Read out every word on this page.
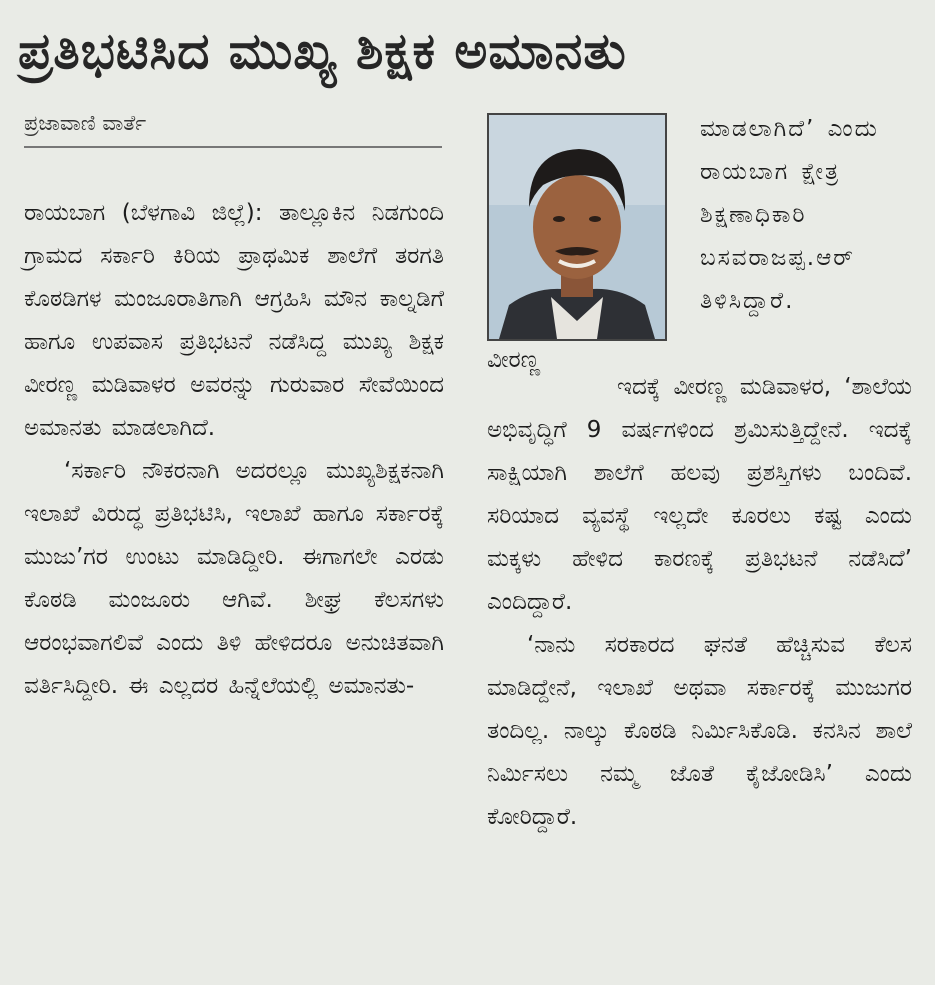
ಪ್ರತಿಭಟಿಸಿದ ಮುಖ್ಯ ಶಿಕ್ಷಕ ಅಮಾನತು
ಪ್ರಜಾವಾಣಿ ವಾರ್ತೆ

ರಾಯಬಾಗ (ಬೆಳಗಾವಿ ಜಿಲ್ಲೆ): ತಾಲ್ಲೂಕಿನ ನಿಡಗುಂದಿ ಗ್ರಾಮದ ಸರ್ಕಾರಿ ಕಿರಿಯ ಪ್ರಾಥಮಿಕ ಶಾಲೆಗೆ ತರಗತಿ ಕೊಠಡಿಗಳ ಮಂಜೂರಾತಿಗಾಗಿ ಆಗ್ರಹಿಸಿ ಮೌನ ಕಾಲ್ನಡಿಗೆ ಹಾಗೂ ಉಪವಾಸ ಪ್ರತಿಭಟನೆ ನಡೆಸಿದ್ದ ಮುಖ್ಯ ಶಿಕ್ಷಕ ವೀರಣ್ಣ ಮಡಿವಾಳರ ಅವರನ್ನು ಗುರುವಾರ ಸೇವೆಯಿಂದ ಅಮಾನತು ಮಾಡಲಾಗಿದೆ.

‘ಸರ್ಕಾರಿ ನೌಕರನಾಗಿ ಅದರಲ್ಲೂ ಮುಖ್ಯಶಿಕ್ಷಕನಾಗಿ ಇಲಾಖೆ ವಿರುದ್ಧ ಪ್ರತಿಭಟಿಸಿ, ಇಲಾಖೆ ಹಾಗೂ ಸರ್ಕಾರಕ್ಕೆ ಮುಜು’ಗರ ಉಂಟು ಮಾಡಿದ್ದೀರಿ. ಈಗಾಗಲೇ ಎರಡು ಕೊಠಡಿ ಮಂಜೂರು ಆಗಿವೆ. ಶೀಘ್ರ ಕೆಲಸಗಳು ಆರಂಭವಾಗಲಿವೆ ಎಂದು ತಿಳಿ ಹೇಳಿದರೂ ಅನುಚಿತವಾಗಿ ವರ್ತಿಸಿದ್ದೀರಿ. ಈ ಎಲ್ಲದರ ಹಿನ್ನೆಲೆಯಲ್ಲಿ ಅಮಾನತು-

ವೀರಣ್ಣ

ಮಾಡಲಾಗಿದೆ’ ಎಂದು ರಾಯಬಾಗ ಕ್ಷೇತ್ರ ಶಿಕ್ಷಣಾಧಿಕಾರಿ ಬಸವರಾಜಪ್ಪ.ಆರ್ ತಿಳಿಸಿದ್ದಾರೆ.

ಇದಕ್ಕೆ ವೀರಣ್ಣ ಮಡಿವಾಳರ, ‘ಶಾಲೆಯ ಅಭಿವೃದ್ಧಿಗೆ 9 ವರ್ಷಗಳಿಂದ ಶ್ರಮಿಸುತ್ತಿದ್ದೇನೆ. ಇದಕ್ಕೆ ಸಾಕ್ಷಿಯಾಗಿ ಶಾಲೆಗೆ ಹಲವು ಪ್ರಶಸ್ತಿಗಳು ಬಂದಿವೆ. ಸರಿಯಾದ ವ್ಯವಸ್ಥೆ ಇಲ್ಲದೇ ಕೂರಲು ಕಷ್ಟ ಎಂದು ಮಕ್ಕಳು ಹೇಳಿದ ಕಾರಣಕ್ಕೆ ಪ್ರತಿಭಟನೆ ನಡೆಸಿದೆ’ ಎಂದಿದ್ದಾರೆ.

‘ನಾನು ಸರಕಾರದ ಘನತೆ ಹೆಚ್ಚಿಸುವ ಕೆಲಸ ಮಾಡಿದ್ದೇನೆ, ಇಲಾಖೆ ಅಥವಾ ಸರ್ಕಾರಕ್ಕೆ ಮುಜುಗರ ತಂದಿಲ್ಲ. ನಾಲ್ಕು ಕೊಠಡಿ ನಿರ್ಮಿಸಿಕೊಡಿ. ಕನಸಿನ ಶಾಲೆ ನಿರ್ಮಿಸಲು ನಮ್ಮ ಜೊತೆ ಕೈಜೋಡಿಸಿ’ ಎಂದು ಕೋರಿದ್ದಾರೆ.
